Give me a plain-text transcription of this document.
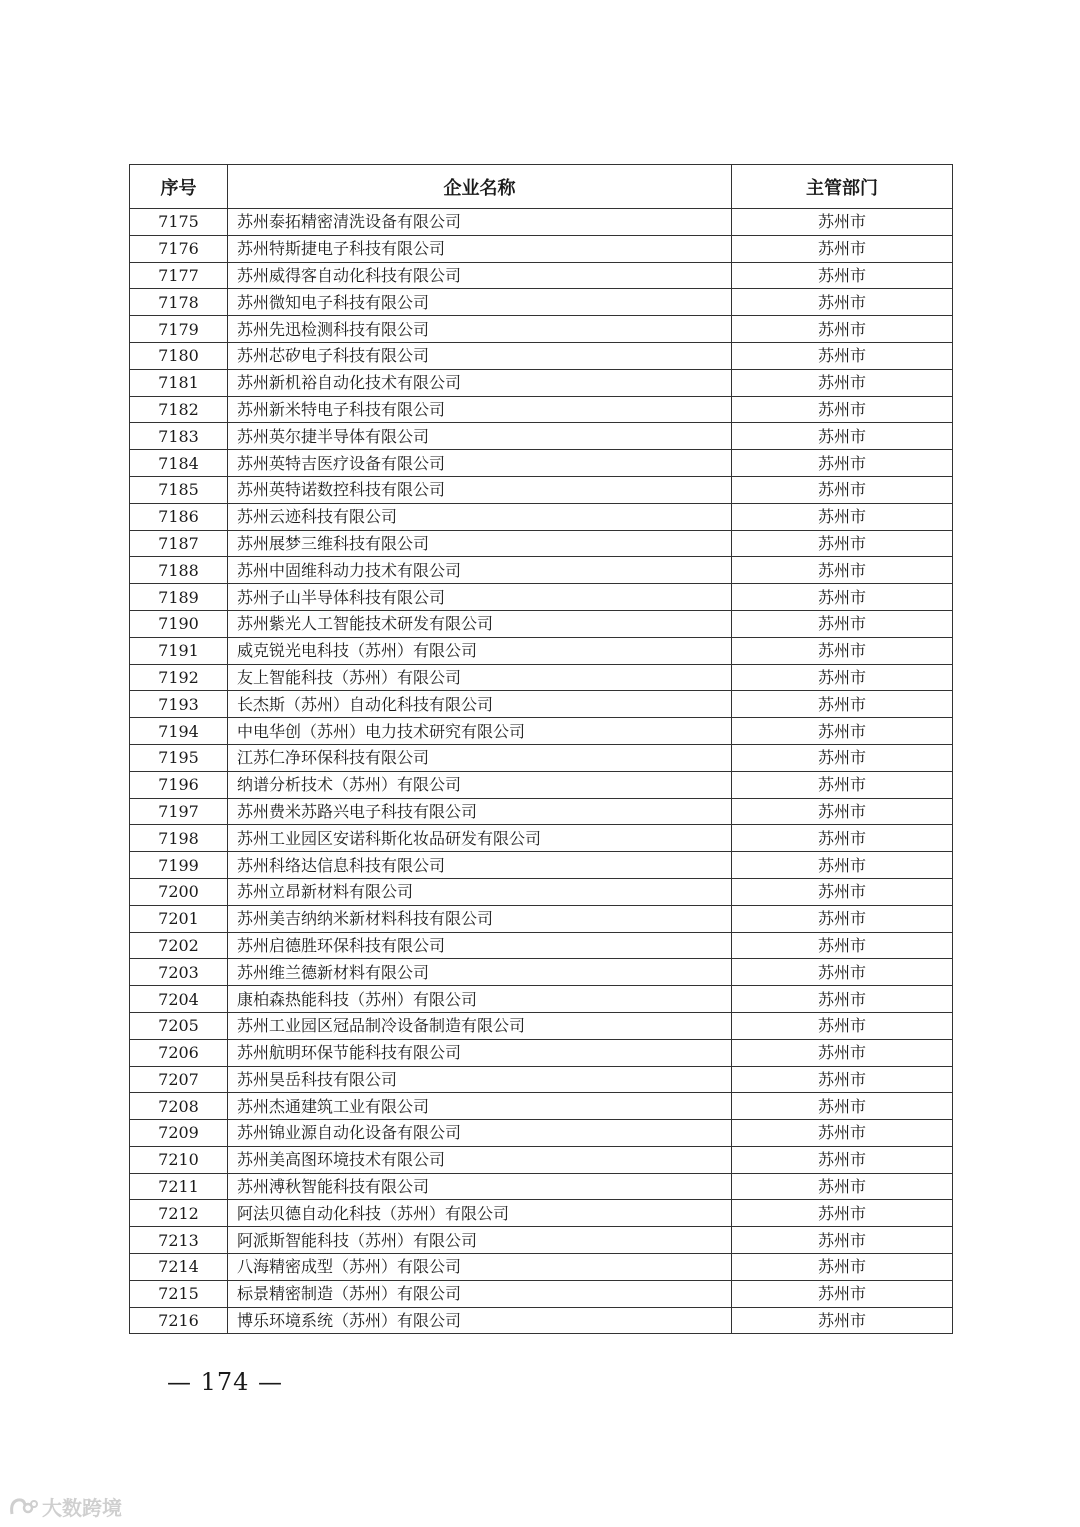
序号	企业名称	主管部门
7175	苏州泰拓精密清洗设备有限公司	苏州市
7176	苏州特斯捷电子科技有限公司	苏州市
7177	苏州威得客自动化科技有限公司	苏州市
7178	苏州微知电子科技有限公司	苏州市
7179	苏州先迅检测科技有限公司	苏州市
7180	苏州芯矽电子科技有限公司	苏州市
7181	苏州新机裕自动化技术有限公司	苏州市
7182	苏州新米特电子科技有限公司	苏州市
7183	苏州英尔捷半导体有限公司	苏州市
7184	苏州英特吉医疗设备有限公司	苏州市
7185	苏州英特诺数控科技有限公司	苏州市
7186	苏州云迹科技有限公司	苏州市
7187	苏州展梦三维科技有限公司	苏州市
7188	苏州中固维科动力技术有限公司	苏州市
7189	苏州子山半导体科技有限公司	苏州市
7190	苏州紫光人工智能技术研发有限公司	苏州市
7191	威克锐光电科技（苏州）有限公司	苏州市
7192	友上智能科技（苏州）有限公司	苏州市
7193	长杰斯（苏州）自动化科技有限公司	苏州市
7194	中电华创（苏州）电力技术研究有限公司	苏州市
7195	江苏仁净环保科技有限公司	苏州市
7196	纳谱分析技术（苏州）有限公司	苏州市
7197	苏州费米苏路兴电子科技有限公司	苏州市
7198	苏州工业园区安诺科斯化妆品研发有限公司	苏州市
7199	苏州科络达信息科技有限公司	苏州市
7200	苏州立昂新材料有限公司	苏州市
7201	苏州美吉纳纳米新材料科技有限公司	苏州市
7202	苏州启德胜环保科技有限公司	苏州市
7203	苏州维兰德新材料有限公司	苏州市
7204	康柏森热能科技（苏州）有限公司	苏州市
7205	苏州工业园区冠品制冷设备制造有限公司	苏州市
7206	苏州航明环保节能科技有限公司	苏州市
7207	苏州昊岳科技有限公司	苏州市
7208	苏州杰通建筑工业有限公司	苏州市
7209	苏州锦业源自动化设备有限公司	苏州市
7210	苏州美高图环境技术有限公司	苏州市
7211	苏州溥秋智能科技有限公司	苏州市
7212	阿法贝德自动化科技（苏州）有限公司	苏州市
7213	阿派斯智能科技（苏州）有限公司	苏州市
7214	八海精密成型（苏州）有限公司	苏州市
7215	标景精密制造（苏州）有限公司	苏州市
7216	博乐环境系统（苏州）有限公司	苏州市
— 174 —
大数跨境
